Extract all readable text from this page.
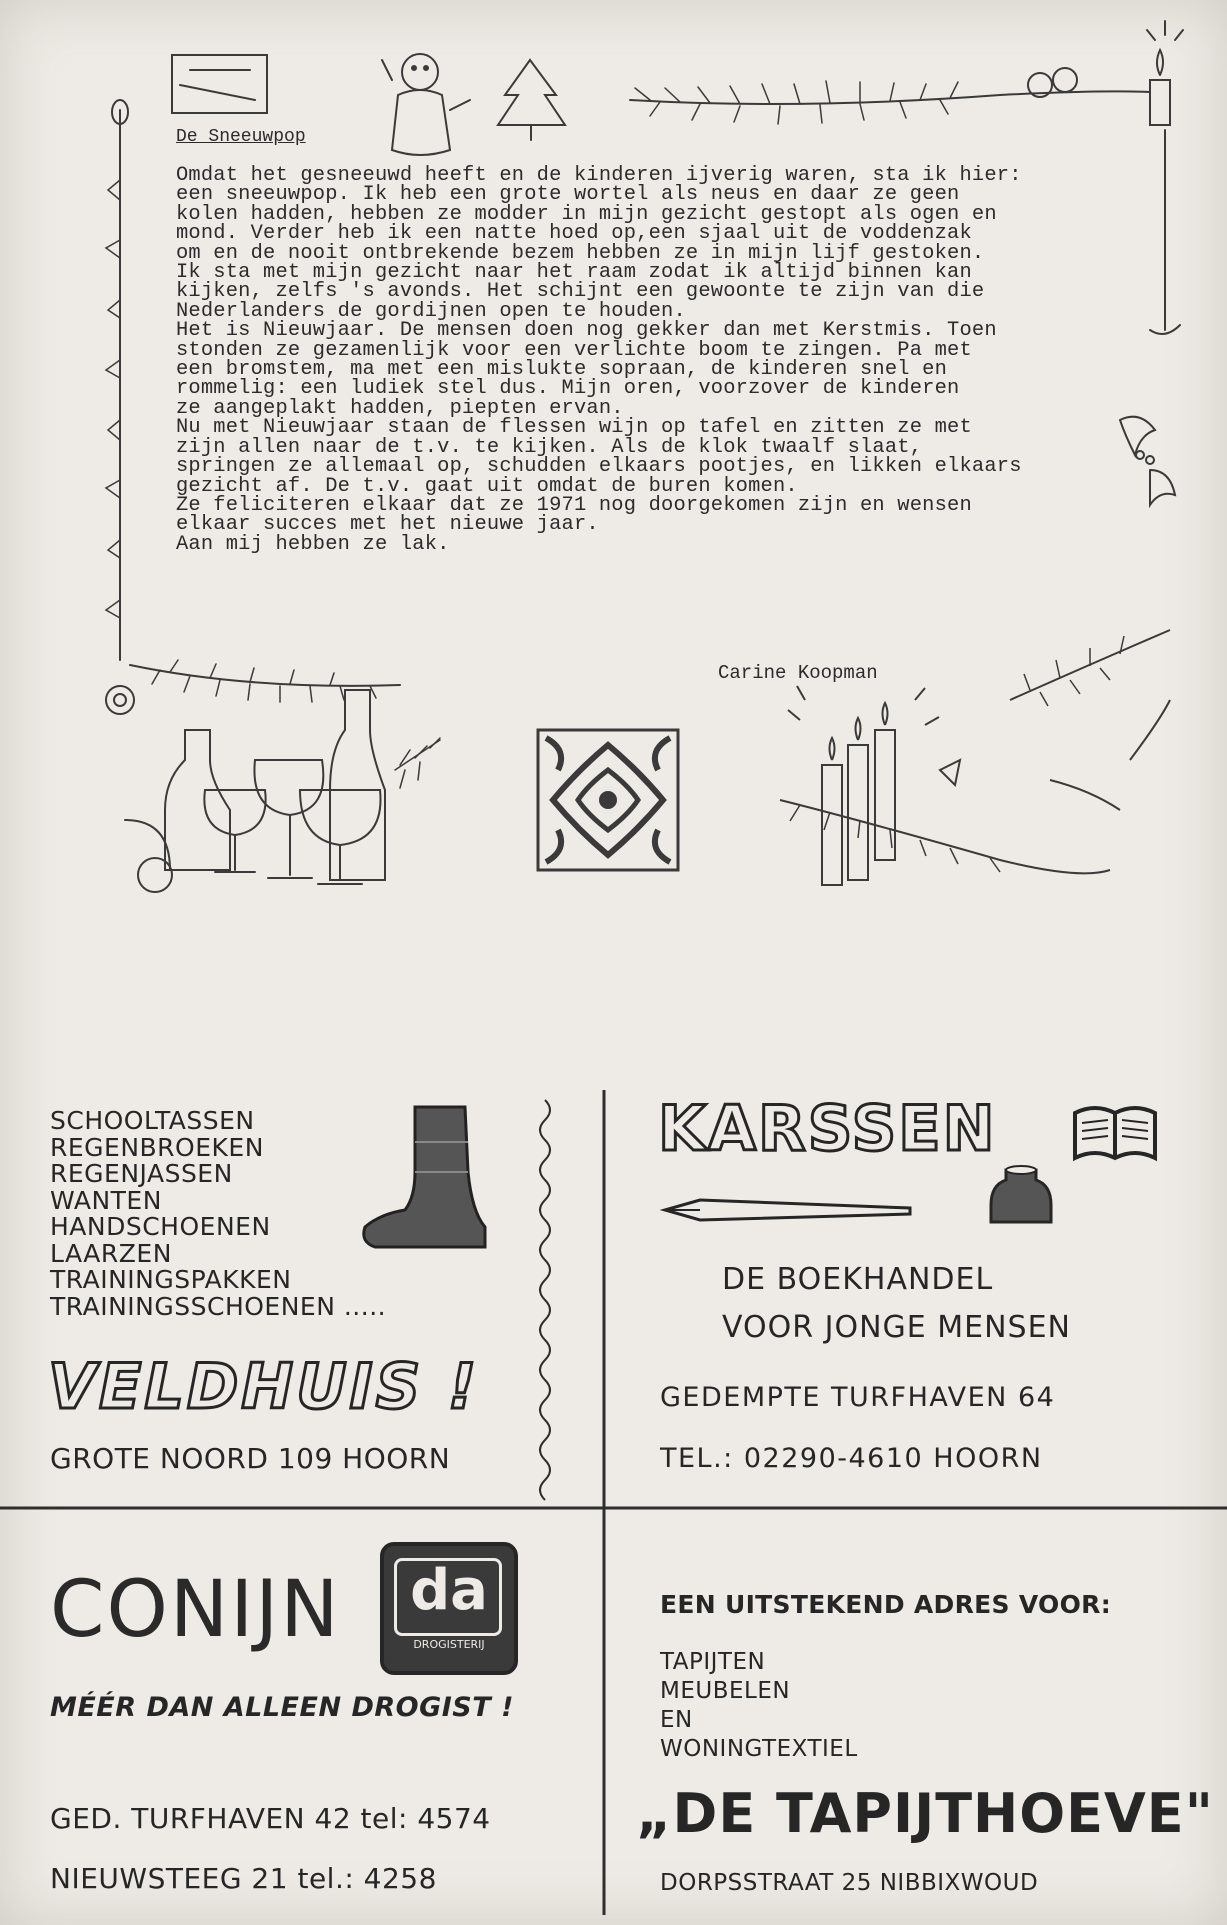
De Sneeuwpop
Omdat het gesneeuwd heeft en de kinderen ijverig waren, sta ik hier:
een sneeuwpop. Ik heb een grote wortel als neus en daar ze geen
kolen hadden, hebben ze modder in mijn gezicht gestopt als ogen en
mond. Verder heb ik een natte hoed op,een sjaal uit de voddenzak
om en de nooit ontbrekende bezem hebben ze in mijn lijf gestoken.
Ik sta met mijn gezicht naar het raam zodat ik altijd binnen kan
kijken, zelfs 's avonds. Het schijnt een gewoonte te zijn van die
Nederlanders de gordijnen open te houden.
Het is Nieuwjaar. De mensen doen nog gekker dan met Kerstmis. Toen
stonden ze gezamenlijk voor een verlichte boom te zingen. Pa met
een bromstem, ma met een mislukte sopraan, de kinderen snel en
rommelig: een ludiek stel dus. Mijn oren, voorzover de kinderen
ze aangeplakt hadden, piepten ervan.
Nu met Nieuwjaar staan de flessen wijn op tafel en zitten ze met
zijn allen naar de t.v. te kijken. Als de klok twaalf slaat,
springen ze allemaal op, schudden elkaars pootjes, en likken elkaars
gezicht af. De t.v. gaat uit omdat de buren komen.
Ze feliciteren elkaar dat ze 1971 nog doorgekomen zijn en wensen
elkaar succes met het nieuwe jaar.
Aan mij hebben ze lak.
Carine Koopman
SCHOOLTASSEN
REGENBROEKEN
REGENJASSEN
WANTEN
HANDSCHOENEN
LAARZEN
TRAININGSPAKKEN
TRAININGSSCHOENEN .....
VELDHUIS !
GROTE NOORD 109 HOORN
KARSSEN
DE BOEKHANDEL
VOOR JONGE MENSEN
GEDEMPTE TURFHAVEN 64
TEL.: 02290-4610 HOORN
CONIJN	da
DROGISTERIJ
MÉÉR DAN ALLEEN DROGIST !
GED. TURFHAVEN 42 tel: 4574
NIEUWSTEEG 21 tel.: 4258
EEN UITSTEKEND ADRES VOOR:
TAPIJTEN
MEUBELEN
EN
WONINGTEXTIEL
„DE TAPIJTHOEVE"
DORPSSTRAAT 25 NIBBIXWOUD
